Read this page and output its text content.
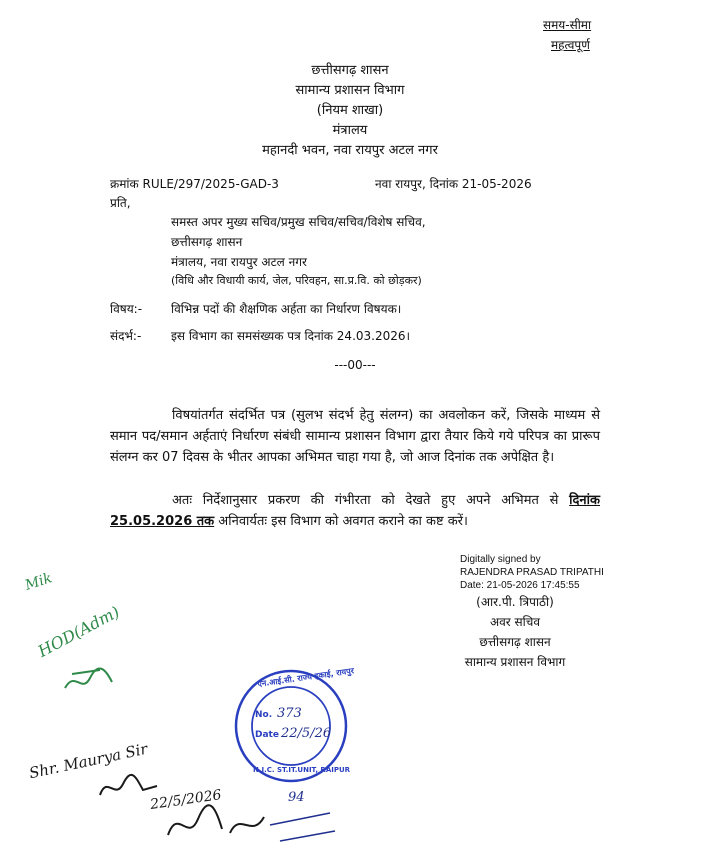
समय-सीमा
महत्वपूर्ण
छत्तीसगढ़ शासन
सामान्य प्रशासन विभाग
(नियम शाखा)
मंत्रालय
महानदी भवन, नवा रायपुर अटल नगर
क्रमांक RULE/297/2025-GAD-3	नवा रायपुर, दिनांक 21-05-2026
प्रति,
समस्त अपर मुख्य सचिव/प्रमुख सचिव/सचिव/विशेष सचिव,
छत्तीसगढ़ शासन
मंत्रालय, नवा रायपुर अटल नगर
(विधि और विधायी कार्य, जेल, परिवहन, सा.प्र.वि. को छोड़कर)
विषय:- विभिन्न पदों की शैक्षणिक अर्हता का निर्धारण विषयक।
संदर्भ:- इस विभाग का समसंख्यक पत्र दिनांक 24.03.2026।
---00---
विषयांतर्गत संदर्भित पत्र (सुलभ संदर्भ हेतु संलग्न) का अवलोकन करें, जिसके माध्यम से समान पद/समान अर्हताएं निर्धारण संबंधी सामान्य प्रशासन विभाग द्वारा तैयार किये गये परिपत्र का प्रारूप संलग्न कर 07 दिवस के भीतर आपका अभिमत चाहा गया है, जो आज दिनांक तक अपेक्षित है।
अतः निर्देशानुसार प्रकरण की गंभीरता को देखते हुए अपने अभिमत से दिनांक 25.05.2026 तक अनिवार्यतः इस विभाग को अवगत कराने का कष्ट करें।
Digitally signed by
RAJENDRA PRASAD TRIPATHI
Date: 21-05-2026 17:45:55
(आर.पी. त्रिपाठी)
अवर सचिव
छत्तीसगढ़ शासन
सामान्य प्रशासन विभाग
Mik
HOD(Adm)
Shr. Maurya Sir
22/5/2026	94
एन.आई.सी. राज्य इकाई, रायपुर
N.I.C. ST.IT.UNIT, RAIPUR
No. 373
Date 22/5/26
